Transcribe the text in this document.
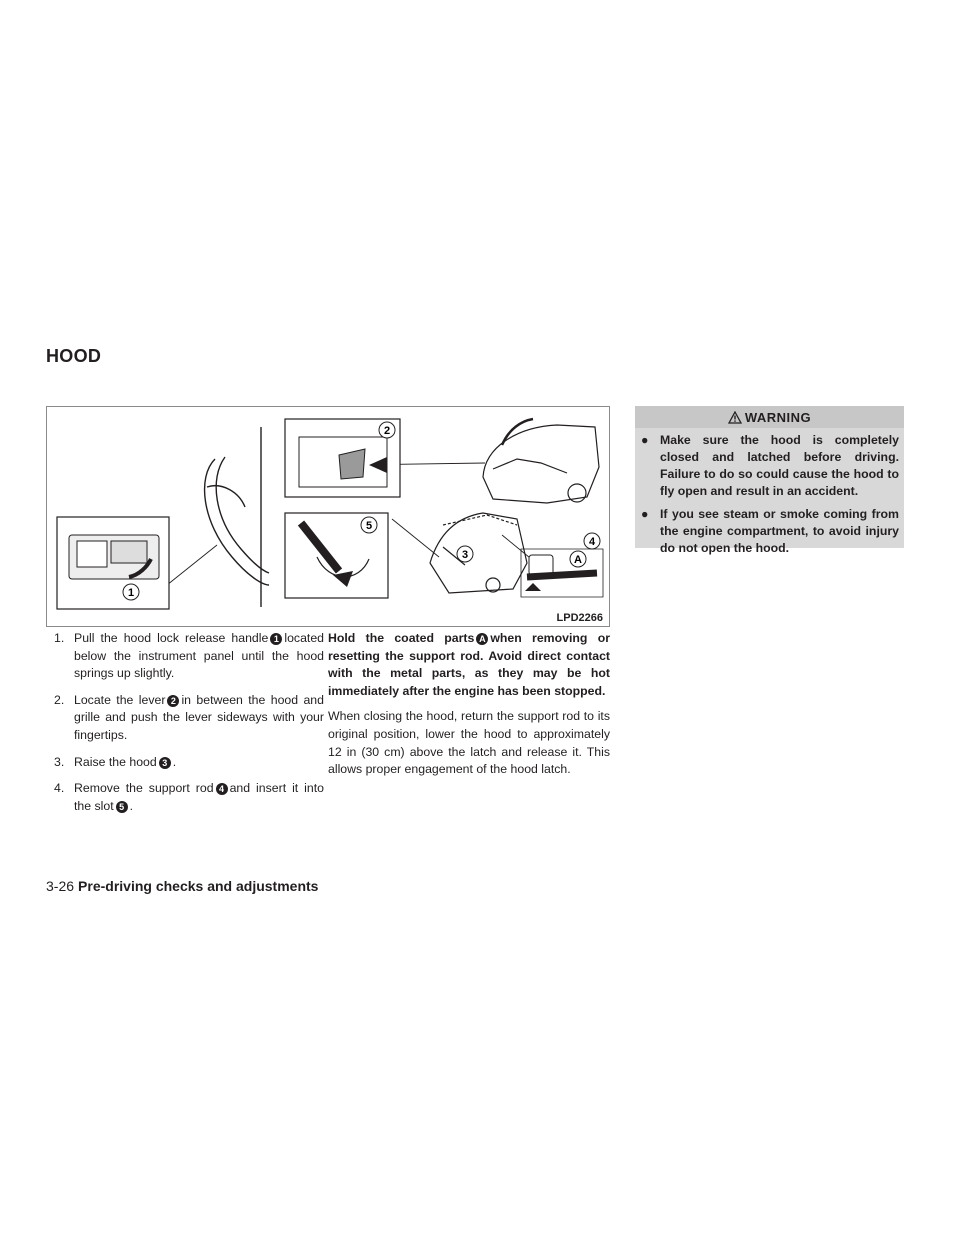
HOOD
1
2
3
4
5
A
LPD2266
1. Pull the hood lock release handle 1 located below the instrument panel until the hood springs up slightly.
2. Locate the lever 2 in between the hood and grille and push the lever sideways with your fingertips.
3. Raise the hood 3 .
4. Remove the support rod 4 and insert it into the slot 5 .

Hold the coated parts A when removing or resetting the support rod. Avoid direct contact with the metal parts, as they may be hot immediately after the engine has been stopped.

When closing the hood, return the support rod to its original position, lower the hood to approximately 12 in (30 cm) above the latch and release it. This allows proper engagement of the hood latch.

WARNING
● Make sure the hood is completely closed and latched before driving. Failure to do so could cause the hood to fly open and result in an accident.
● If you see steam or smoke coming from the engine compartment, to avoid injury do not open the hood.
3-26 Pre-driving checks and adjustments
